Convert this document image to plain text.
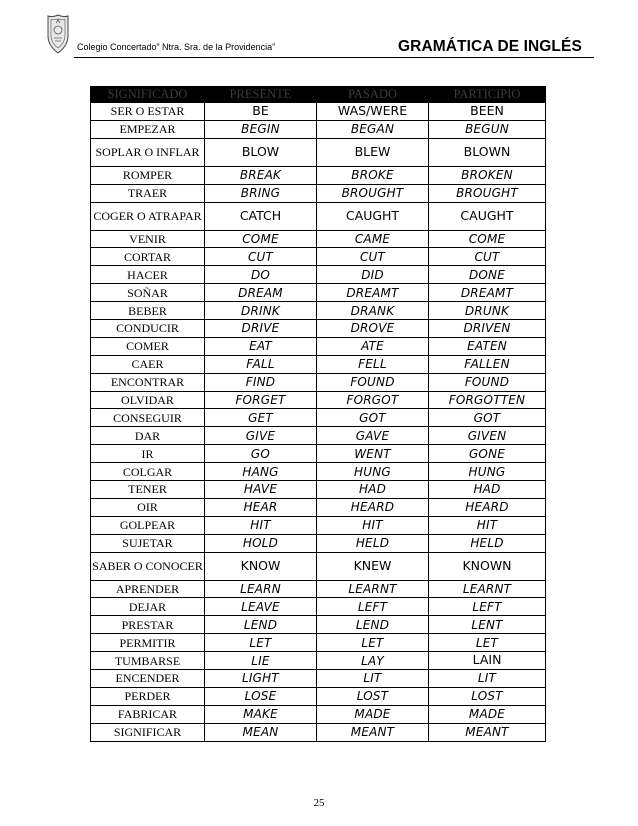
Colegio Concertado” Ntra. Sra. de la Providencia”	GRAMÁTICA DE INGLÉS
SIGNIFICADO	PRESENTE	PASADO	PARTICIPIO
SER O ESTAR	BE	WAS/WERE	BEEN
EMPEZAR	BEGIN	BEGAN	BEGUN
SOPLAR O INFLAR	BLOW	BLEW	BLOWN
ROMPER	BREAK	BROKE	BROKEN
TRAER	BRING	BROUGHT	BROUGHT
COGER O ATRAPAR	CATCH	CAUGHT	CAUGHT
VENIR	COME	CAME	COME
CORTAR	CUT	CUT	CUT
HACER	DO	DID	DONE
SOÑAR	DREAM	DREAMT	DREAMT
BEBER	DRINK	DRANK	DRUNK
CONDUCIR	DRIVE	DROVE	DRIVEN
COMER	EAT	ATE	EATEN
CAER	FALL	FELL	FALLEN
ENCONTRAR	FIND	FOUND	FOUND
OLVIDAR	FORGET	FORGOT	FORGOTTEN
CONSEGUIR	GET	GOT	GOT
DAR	GIVE	GAVE	GIVEN
IR	GO	WENT	GONE
COLGAR	HANG	HUNG	HUNG
TENER	HAVE	HAD	HAD
OIR	HEAR	HEARD	HEARD
GOLPEAR	HIT	HIT	HIT
SUJETAR	HOLD	HELD	HELD
SABER O CONOCER	KNOW	KNEW	KNOWN
APRENDER	LEARN	LEARNT	LEARNT
DEJAR	LEAVE	LEFT	LEFT
PRESTAR	LEND	LEND	LENT
PERMITIR	LET	LET	LET
TUMBARSE	LIE	LAY	LAIN
ENCENDER	LIGHT	LIT	LIT
PERDER	LOSE	LOST	LOST
FABRICAR	MAKE	MADE	MADE
SIGNIFICAR	MEAN	MEANT	MEANT
25
